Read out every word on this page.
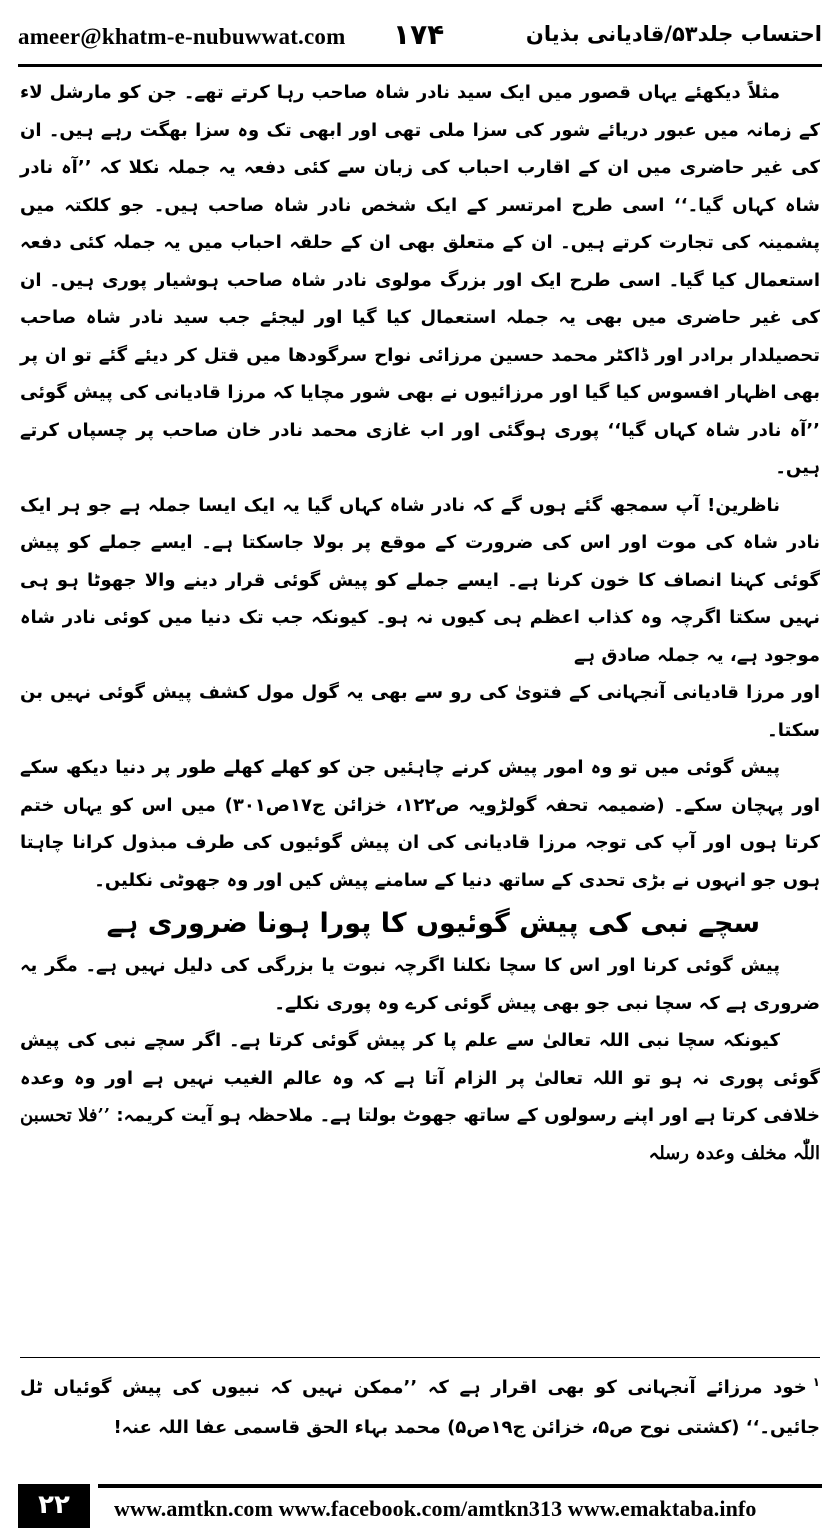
ameer@khatm-e-nubuwwat.com ۱۷۴	احتساب جلد۵۳/قادیانی بذیان

مثلاً دیکھئے یہاں قصور میں ایک سید نادر شاہ صاحب رہا کرتے تھے۔ جن کو مارشل لاء کے زمانہ میں عبور دریائے شور کی سزا ملی تھی اور ابھی تک وہ سزا بھگت رہے ہیں۔ ان کی غیر حاضری میں ان کے اقارب احباب کی زبان سے کئی دفعہ یہ جملہ نکلا کہ ’’آہ نادر شاہ کہاں گیا۔‘‘ اسی طرح امرتسر کے ایک شخص نادر شاہ صاحب ہیں۔ جو کلکتہ میں پشمینہ کی تجارت کرتے ہیں۔ ان کے متعلق بھی ان کے حلقہ احباب میں یہ جملہ کئی دفعہ استعمال کیا گیا۔ اسی طرح ایک اور بزرگ مولوی نادر شاہ صاحب ہوشیار پوری ہیں۔ ان کی غیر حاضری میں بھی یہ جملہ استعمال کیا گیا اور لیجئے جب سید نادر شاہ صاحب تحصیلدار برادر اور ڈاکٹر محمد حسین مرزائی نواح سرگودھا میں قتل کر دیئے گئے تو ان پر بھی اظہار افسوس کیا گیا اور مرزائیوں نے بھی شور مچایا کہ مرزا قادیانی کی پیش گوئی ’’آہ نادر شاہ کہاں گیا‘‘ پوری ہوگئی اور اب غازی محمد نادر خان صاحب پر چسپاں کرتے ہیں۔

ناظرین! آپ سمجھ گئے ہوں گے کہ نادر شاہ کہاں گیا یہ ایک ایسا جملہ ہے جو ہر ایک نادر شاہ کی موت اور اس کی ضرورت کے موقع پر بولا جاسکتا ہے۔ ایسے جملے کو پیش گوئی کہنا انصاف کا خون کرنا ہے۔ ایسے جملے کو پیش گوئی قرار دینے والا جھوٹا ہو ہی نہیں سکتا اگرچہ وہ کذاب اعظم ہی کیوں نہ ہو۔ کیونکہ جب تک دنیا میں کوئی نادر شاہ موجود ہے، یہ جملہ صادق ہے

اور مرزا قادیانی آنجہانی کے فتویٰ کی رو سے بھی یہ گول مول کشف پیش گوئی نہیں بن سکتا۔

پیش گوئی میں تو وہ امور پیش کرنے چاہئیں جن کو کھلے کھلے طور پر دنیا دیکھ سکے اور پہچان سکے۔ (ضمیمہ تحفہ گولڑویہ ص۱۲۲، خزائن ج۱۷ص۳۰۱) میں اس کو یہاں ختم کرتا ہوں اور آپ کی توجہ مرزا قادیانی کی ان پیش گوئیوں کی طرف مبذول کرانا چاہتا ہوں جو انہوں نے بڑی تحدی کے ساتھ دنیا کے سامنے پیش کیں اور وہ جھوٹی نکلیں۔

سچے نبی کی پیش گوئیوں کا پورا ہونا ضروری ہے

پیش گوئی کرنا اور اس کا سچا نکلنا اگرچہ نبوت یا بزرگی کی دلیل نہیں ہے۔ مگر یہ ضروری ہے کہ سچا نبی جو بھی پیش گوئی کرے وہ پوری نکلے۔

کیونکہ سچا نبی اللہ تعالیٰ سے علم پا کر پیش گوئی کرتا ہے۔ اگر سچے نبی کی پیش گوئی پوری نہ ہو تو اللہ تعالیٰ پر الزام آتا ہے کہ وہ عالم الغیب نہیں ہے اور وہ وعدہ خلافی کرتا ہے اور اپنے رسولوں کے ساتھ جھوٹ بولتا ہے۔ ملاحظہ ہو آیت کریمہ: ’’فلا تحسبن اللّٰہ مخلف وعدہ رسلہ

$^۱$خود مرزائے آنجہانی کو بھی اقرار ہے کہ ’’ممکن نہیں کہ نبیوں کی پیش گوئیاں ٹل جائیں۔‘‘ (کشتی نوح ص۵، خزائن ج۱۹ص۵) محمد بہاء الحق قاسمی عفا اللہ عنہ!

۲۲	www.amtkn.com www.facebook.com/amtkn313 www.emaktaba.info
